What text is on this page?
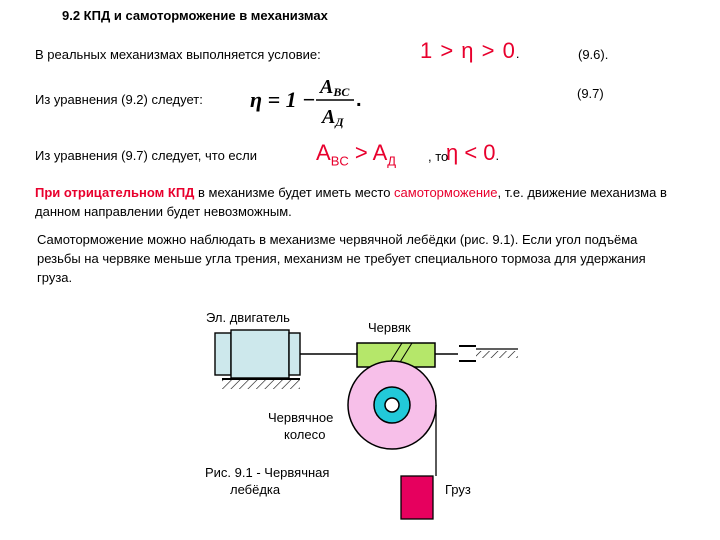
9.2 КПД и самоторможение в механизмах
В реальных механизмах выполняется условие:	1 > η > 0.	(9.6).
Из уравнения (9.2) следует: η = 1 − ABC
AД
.	(9.7)
Из уравнения (9.7) следует, что если	$A_{BC} > A_Д$ , то
η < 0.
При отрицательном КПД в механизме будет иметь место самоторможение, т.е. движение механизма в данном направлении будет невозможным.
Самоторможение можно наблюдать в механизме червячной лебёдки (рис. 9.1). Если угол подъёма резьбы на червяке меньше угла трения, механизм не требует специального тормоза для удержания груза.
Эл. двигатель
Червяк
Червячное
колесо
Груз
Рис. 9.1 - Червячная
лебёдка
